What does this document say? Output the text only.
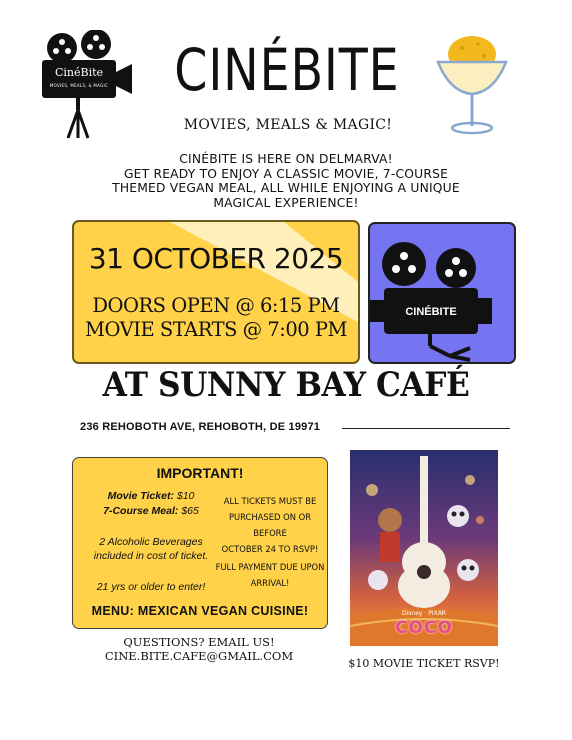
CinéBite
MOVIES, MEALS, & MAGIC CINÉBITE
MOVIES, MEALS & MAGIC!
CINÉBITE IS HERE ON DELMARVA!
GET READY TO ENJOY A CLASSIC MOVIE, 7-COURSE
THEMED VEGAN MEAL, ALL WHILE ENJOYING A UNIQUE
MAGICAL EXPERIENCE!
31 OCTOBER 2025
DOORS OPEN @ 6:15 PM
MOVIE STARTS @ 7:00 PM
CINÉBITE
AT SUNNY BAY CAFÉ
236 REHOBOTH AVE, REHOBOTH, DE 19971
IMPORTANT!
Movie Ticket: $10
7-Course Meal: $65
2 Alcoholic Beverages
included in cost of ticket.
21 yrs or older to enter!
ALL TICKETS MUST BE
PURCHASED ON OR BEFORE
OCTOBER 24 TO RSVP!
FULL PAYMENT DUE UPON
ARRIVAL!
MENU: MEXICAN VEGAN CUISINE!
QUESTIONS? EMAIL US!
CINE.BITE.CAFE@GMAIL.COM
Disney · PIXAR
COCO
$10 MOVIE TICKET RSVP!
